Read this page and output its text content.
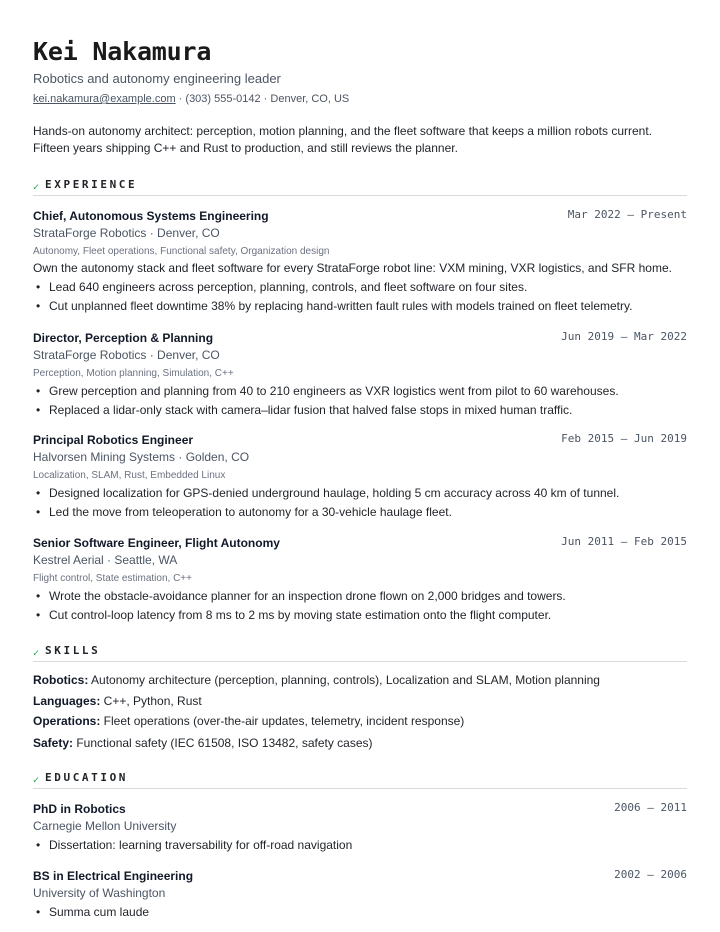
Kei Nakamura
Robotics and autonomy engineering leader
kei.nakamura@example.com · (303) 555-0142 · Denver, CO, US

Hands-on autonomy architect: perception, motion planning, and the fleet software that keeps a million robots current. Fifteen years shipping C++ and Rust to production, and still reviews the planner.

✓ EXPERIENCE
Chief, Autonomous Systems Engineering	Mar 2022 — Present
StrataForge Robotics · Denver, CO
Autonomy, Fleet operations, Functional safety, Organization design
Own the autonomy stack and fleet software for every StrataForge robot line: VXM mining, VXR logistics, and SFR home.
• Lead 640 engineers across perception, planning, controls, and fleet software on four sites.
• Cut unplanned fleet downtime 38% by replacing hand-written fault rules with models trained on fleet telemetry.
Director, Perception & Planning	Jun 2019 — Mar 2022
StrataForge Robotics · Denver, CO
Perception, Motion planning, Simulation, C++
• Grew perception and planning from 40 to 210 engineers as VXR logistics went from pilot to 60 warehouses.
• Replaced a lidar-only stack with camera–lidar fusion that halved false stops in mixed human traffic.
Principal Robotics Engineer	Feb 2015 — Jun 2019
Halvorsen Mining Systems · Golden, CO
Localization, SLAM, Rust, Embedded Linux
• Designed localization for GPS-denied underground haulage, holding 5 cm accuracy across 40 km of tunnel.
• Led the move from teleoperation to autonomy for a 30-vehicle haulage fleet.
Senior Software Engineer, Flight Autonomy	Jun 2011 — Feb 2015
Kestrel Aerial · Seattle, WA
Flight control, State estimation, C++
• Wrote the obstacle-avoidance planner for an inspection drone flown on 2,000 bridges and towers.
• Cut control-loop latency from 8 ms to 2 ms by moving state estimation onto the flight computer.
✓ SKILLS
Robotics: Autonomy architecture (perception, planning, controls), Localization and SLAM, Motion planning
Languages: C++, Python, Rust
Operations: Fleet operations (over-the-air updates, telemetry, incident response)
Safety: Functional safety (IEC 61508, ISO 13482, safety cases)
✓ EDUCATION
PhD in Robotics	2006 — 2011
Carnegie Mellon University
• Dissertation: learning traversability for off-road navigation
BS in Electrical Engineering	2002 — 2006
University of Washington
• Summa cum laude
